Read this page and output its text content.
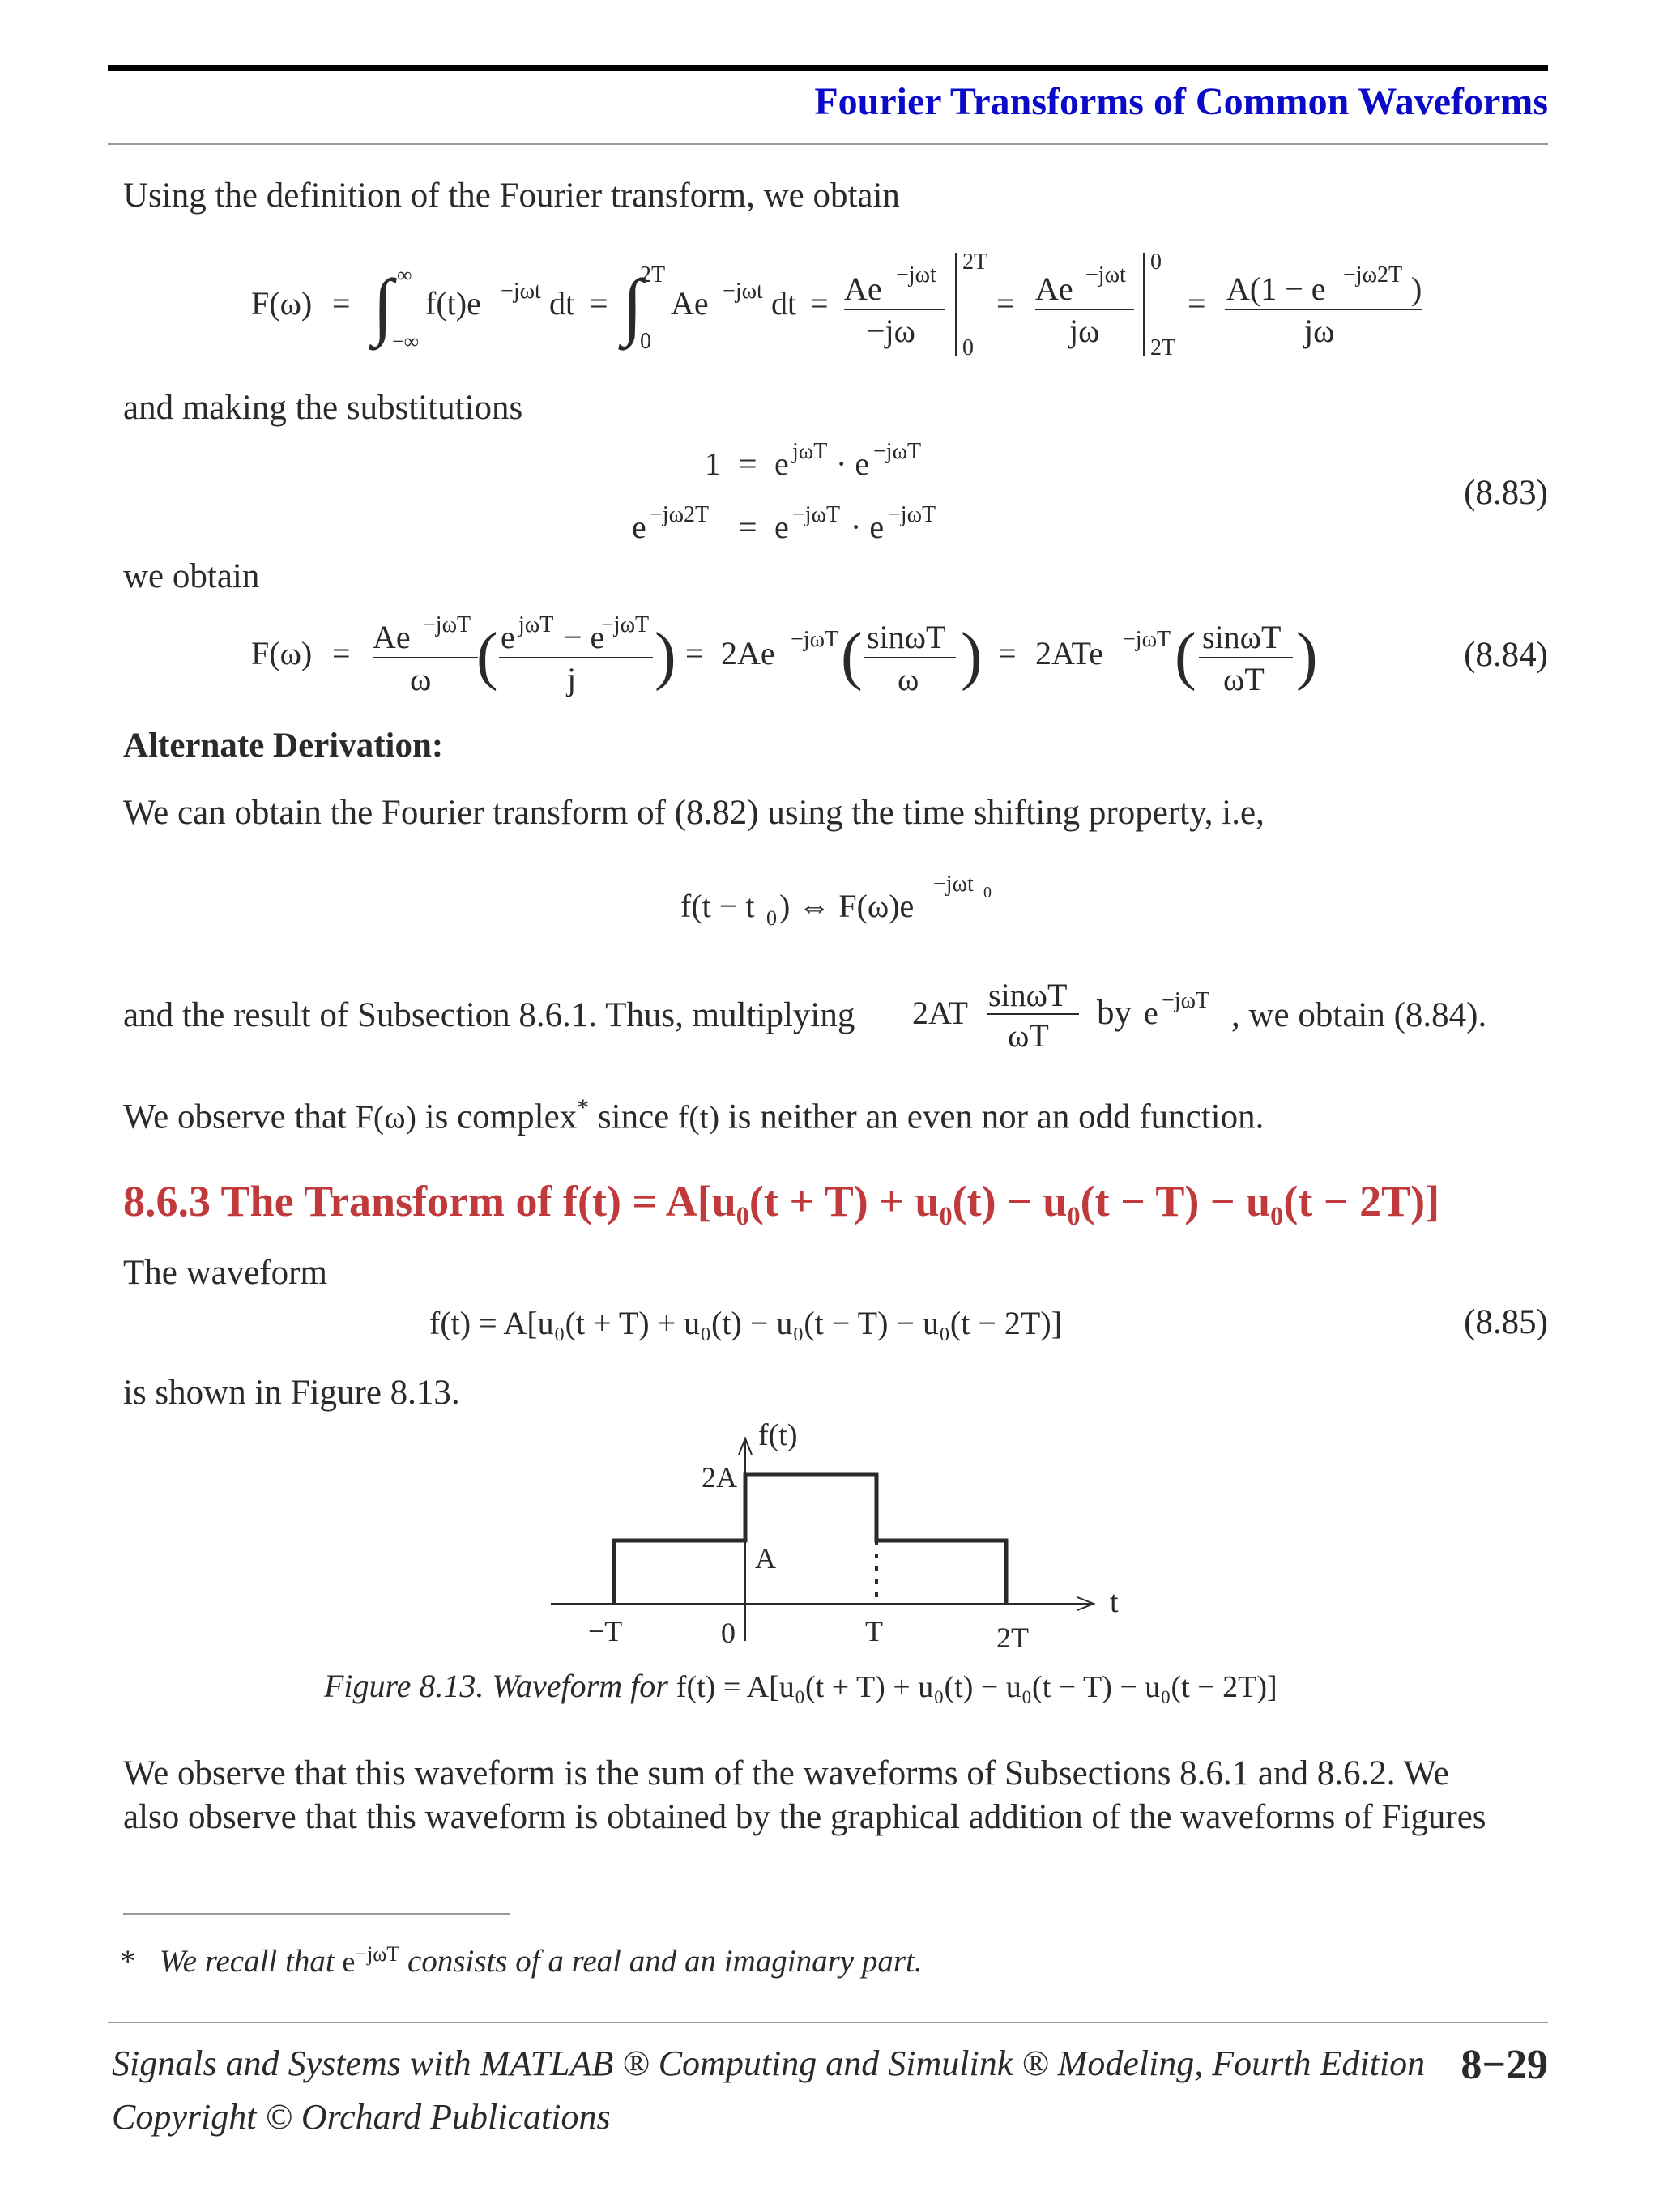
Fourier Transforms of Common Waveforms
Using the definition of the Fourier transform, we obtain
F(ω) = ∫ ∞
−∞
f(t)e −jωt dt = ∫
2T
0
Ae −jωt dt = Ae −jωt
−jω
2T
0
= Ae −jωt
jω
0
2T
= A(1 − e −jω2T )
jω
and making the substitutions
1 = e jωT · e −jωT
e −jω2T = e −jωT · e −jωT
(8.83)
we obtain
F(ω) = Ae −jωT
ω ( e jωT − e
−jωT
j ) = 2Ae −jωT ( sinωT
ω ) = 2ATe −jωT ( sinωT
ωT )	(8.84)
Alternate Derivation:
We can obtain the Fourier transform of (8.82) using the time shifting property, i.e,
f(t − t 0 ) ⇔ F(ω)e
−jωt 0
and the result of Subsection 8.6.1. Thus, multiplying 2AT sinωT
ωT
by e −jωT , we obtain (8.84).
We observe that F(ω) is complex* since f(t) is neither an even nor an odd function.
8.6.3 The Transform of f(t) = A[u₀(t + T) + u₀(t) − u₀(t − T) − u₀(t − 2T)]
The waveform
f(t) = A[u₀(t + T) + u₀(t) − u₀(t − T) − u₀(t − 2T)]	(8.85)
is shown in Figure 8.13.
f(t)
2A
A
t
−T	0	T	2T
Figure 8.13. Waveform for f(t) = A[u₀(t + T) + u₀(t) − u₀(t − T) − u₀(t − 2T)]
We observe that this waveform is the sum of the waveforms of Subsections 8.6.1 and 8.6.2. We
also observe that this waveform is obtained by the graphical addition of the waveforms of Figures
* We recall that $e^{-j\omega T}$ consists of a real and an imaginary part.
Signals and Systems with MATLAB ® Computing and Simulink ® Modeling, Fourth Edition
Copyright © Orchard Publications
8−29
